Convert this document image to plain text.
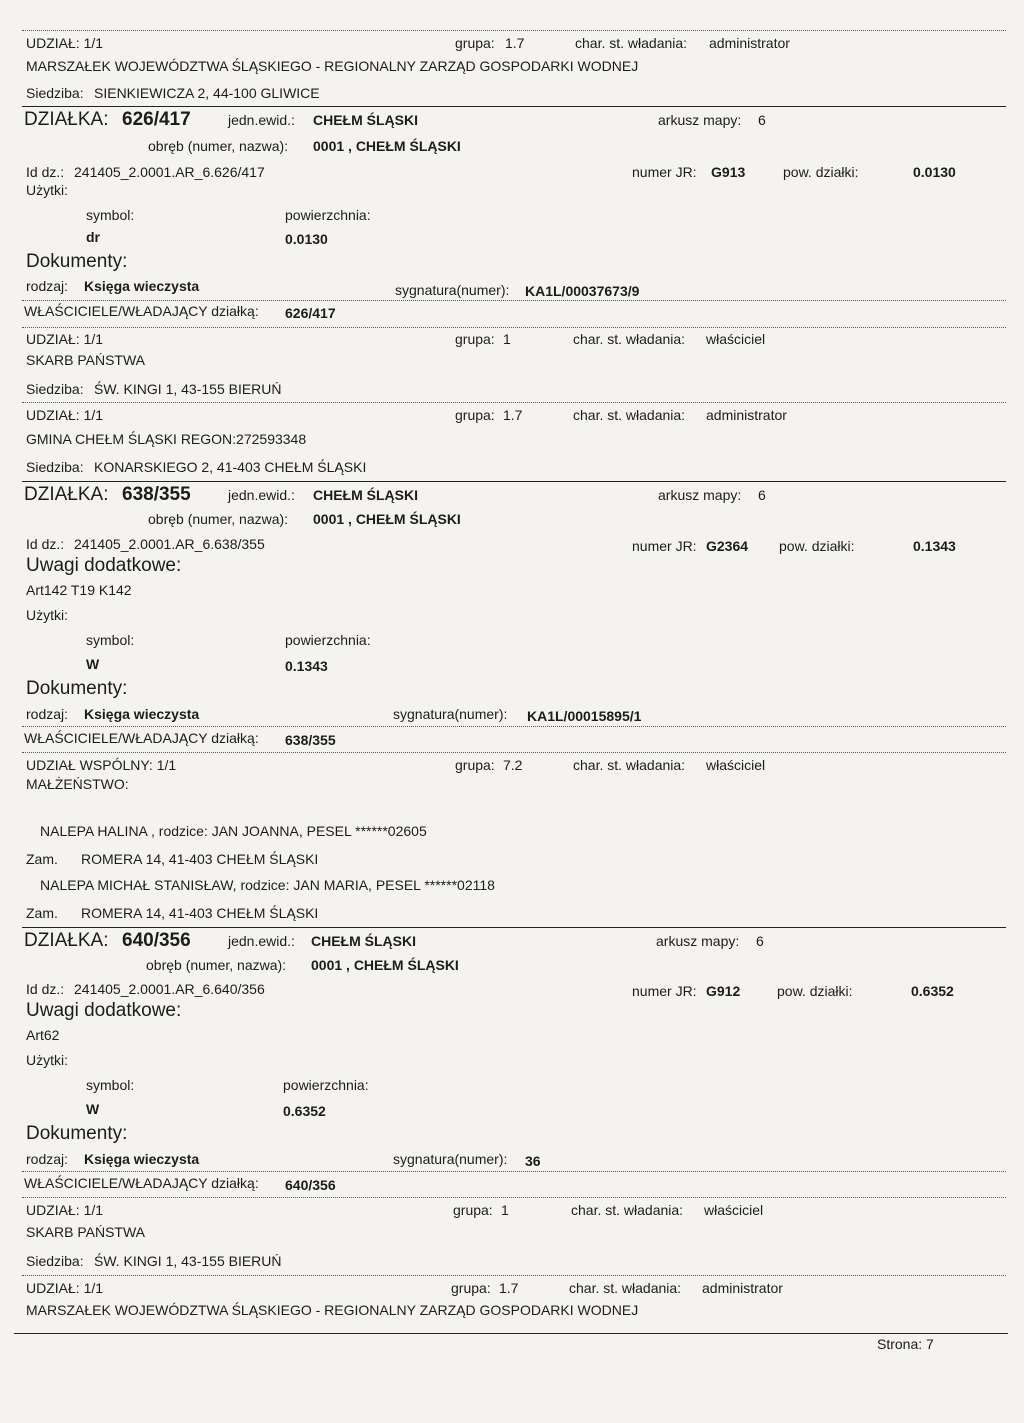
UDZIAŁ: 1/1	grupa: 1.7	char. st. władania: administrator
MARSZAŁEK WOJEWÓDZTWA ŚLĄSKIEGO - REGIONALNY ZARZĄD GOSPODARKI WODNEJ
Siedziba: SIENKIEWICZA 2, 44-100 GLIWICE
DZIAŁKA: 626/417	jedn.ewid.: CHEŁM ŚLĄSKI	arkusz mapy: 6
obręb (numer, nazwa): 0001 , CHEŁM ŚLĄSKI
Id dz.: 241405_2.0001.AR_6.626/417	numer JR: G913	pow. działki:	0.0130
Użytki:
symbol:	powierzchnia:
dr	0.0130
Dokumenty:
rodzaj: Księga wieczysta	sygnatura(numer): KA1L/00037673/9
WŁAŚCICIELE/WŁADAJĄCY działką: 626/417
UDZIAŁ: 1/1	grupa: 1	char. st. władania: właściciel
SKARB PAŃSTWA
Siedziba: ŚW. KINGI 1, 43-155 BIERUŃ
UDZIAŁ: 1/1	grupa: 1.7	char. st. władania: administrator
GMINA CHEŁM ŚLĄSKI REGON:272593348
Siedziba: KONARSKIEGO 2, 41-403 CHEŁM ŚLĄSKI
DZIAŁKA: 638/355	jedn.ewid.: CHEŁM ŚLĄSKI	arkusz mapy: 6
obręb (numer, nazwa): 0001 , CHEŁM ŚLĄSKI
Id dz.: 241405_2.0001.AR_6.638/355	numer JR: G2364 pow. działki:	0.1343
Uwagi dodatkowe:
Art142 T19 K142
Użytki:
symbol:	powierzchnia:
W	0.1343
Dokumenty:
rodzaj: Księga wieczysta	sygnatura(numer): KA1L/00015895/1
WŁAŚCICIELE/WŁADAJĄCY działką: 638/355
UDZIAŁ WSPÓLNY: 1/1	grupa: 7.2	char. st. władania: właściciel
MAŁŻEŃSTWO:
NALEPA HALINA , rodzice: JAN JOANNA, PESEL ******02605
Zam. ROMERA 14, 41-403 CHEŁM ŚLĄSKI
NALEPA MICHAŁ STANISŁAW, rodzice: JAN MARIA, PESEL ******02118
Zam. ROMERA 14, 41-403 CHEŁM ŚLĄSKI
DZIAŁKA: 640/356	jedn.ewid.: CHEŁM ŚLĄSKI	arkusz mapy: 6
obręb (numer, nazwa): 0001 , CHEŁM ŚLĄSKI
Id dz.: 241405_2.0001.AR_6.640/356	numer JR: G912	pow. działki:	0.6352
Uwagi dodatkowe:
Art62
Użytki:
symbol:	powierzchnia:
W	0.6352
Dokumenty:
rodzaj: Księga wieczysta	sygnatura(numer): 36
WŁAŚCICIELE/WŁADAJĄCY działką: 640/356
UDZIAŁ: 1/1	grupa: 1	char. st. władania: właściciel
SKARB PAŃSTWA
Siedziba: ŚW. KINGI 1, 43-155 BIERUŃ
UDZIAŁ: 1/1	grupa: 1.7	char. st. władania: administrator
MARSZAŁEK WOJEWÓDZTWA ŚLĄSKIEGO - REGIONALNY ZARZĄD GOSPODARKI WODNEJ
Strona: 7
